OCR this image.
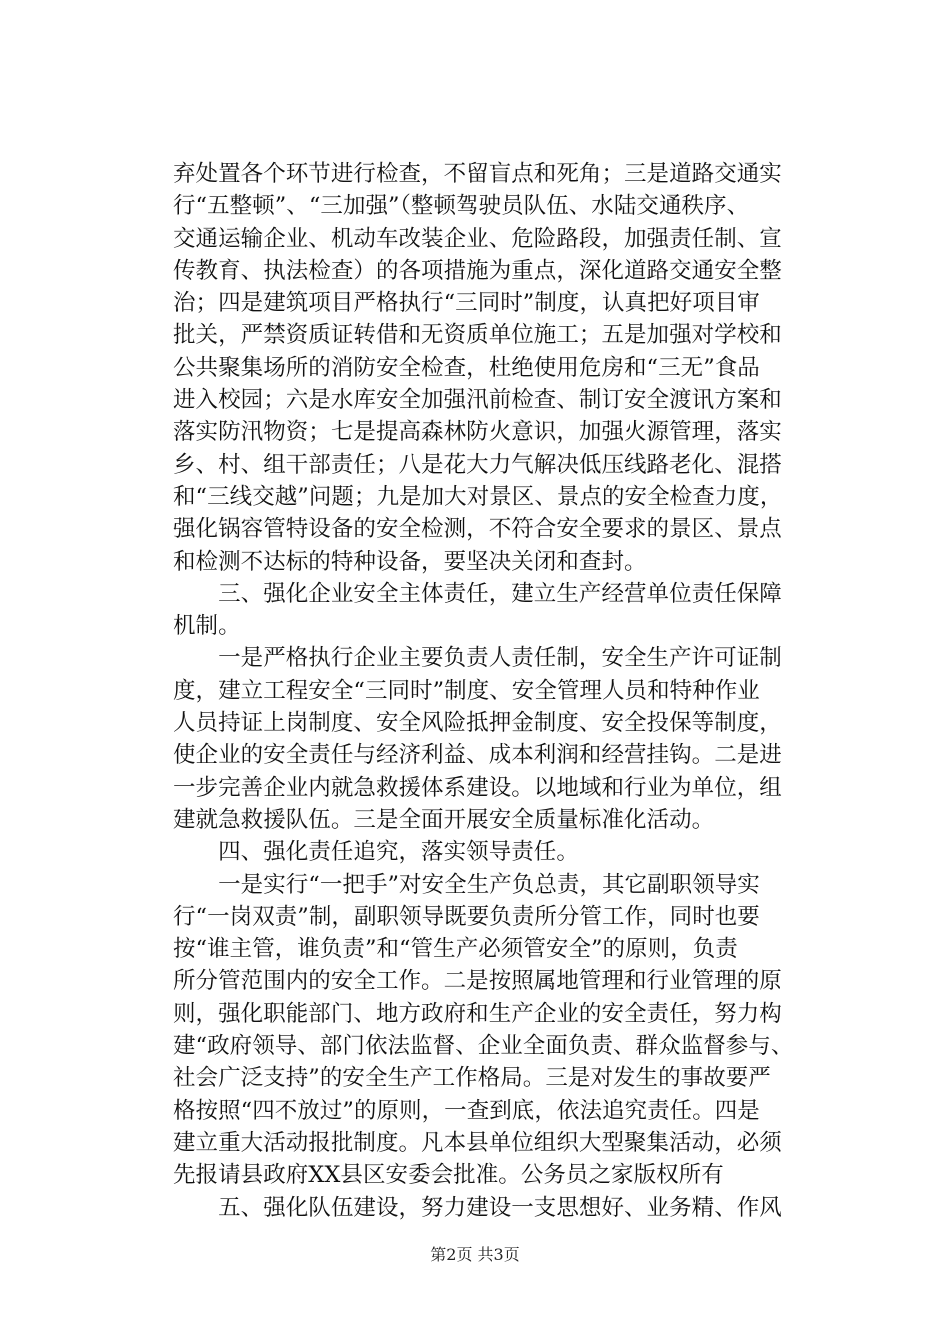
弃处置各个环节进行检查，不留盲点和死角；三是道路交通实
行“五整顿”、“三加强”（整顿驾驶员队伍、水陆交通秩序、
交通运输企业、机动车改装企业、危险路段，加强责任制、宣
传教育、执法检查）的各项措施为重点，深化道路交通安全整
治；四是建筑项目严格执行“三同时”制度，认真把好项目审
批关，严禁资质证转借和无资质单位施工；五是加强对学校和
公共聚集场所的消防安全检查，杜绝使用危房和“三无”食品
进入校园；六是水库安全加强汛前检查、制订安全渡讯方案和
落实防汛物资；七是提高森林防火意识，加强火源管理，落实
乡、村、组干部责任；八是花大力气解决低压线路老化、混搭
和“三线交越”问题；九是加大对景区、景点的安全检查力度，
强化锅容管特设备的安全检测，不符合安全要求的景区、景点
和检测不达标的特种设备，要坚决关闭和查封。
　　三、强化企业安全主体责任，建立生产经营单位责任保障
机制。
　　一是严格执行企业主要负责人责任制，安全生产许可证制
度，建立工程安全“三同时”制度、安全管理人员和特种作业
人员持证上岗制度、安全风险抵押金制度、安全投保等制度，
使企业的安全责任与经济利益、成本利润和经营挂钩。二是进
一步完善企业内就急救援体系建设。以地域和行业为单位，组
建就急救援队伍。三是全面开展安全质量标准化活动。
　　四、强化责任追究，落实领导责任。
　　一是实行“一把手”对安全生产负总责，其它副职领导实
行“一岗双责”制，副职领导既要负责所分管工作，同时也要
按“谁主管，谁负责”和“管生产必须管安全”的原则，负责
所分管范围内的安全工作。二是按照属地管理和行业管理的原
则，强化职能部门、地方政府和生产企业的安全责任，努力构
建“政府领导、部门依法监督、企业全面负责、群众监督参与、
社会广泛支持”的安全生产工作格局。三是对发生的事故要严
格按照“四不放过”的原则，一查到底，依法追究责任。四是
建立重大活动报批制度。凡本县单位组织大型聚集活动，必须
先报请县政府XX县区安委会批准。公务员之家版权所有
　　五、强化队伍建设，努力建设一支思想好、业务精、作风
第2页 共3页
